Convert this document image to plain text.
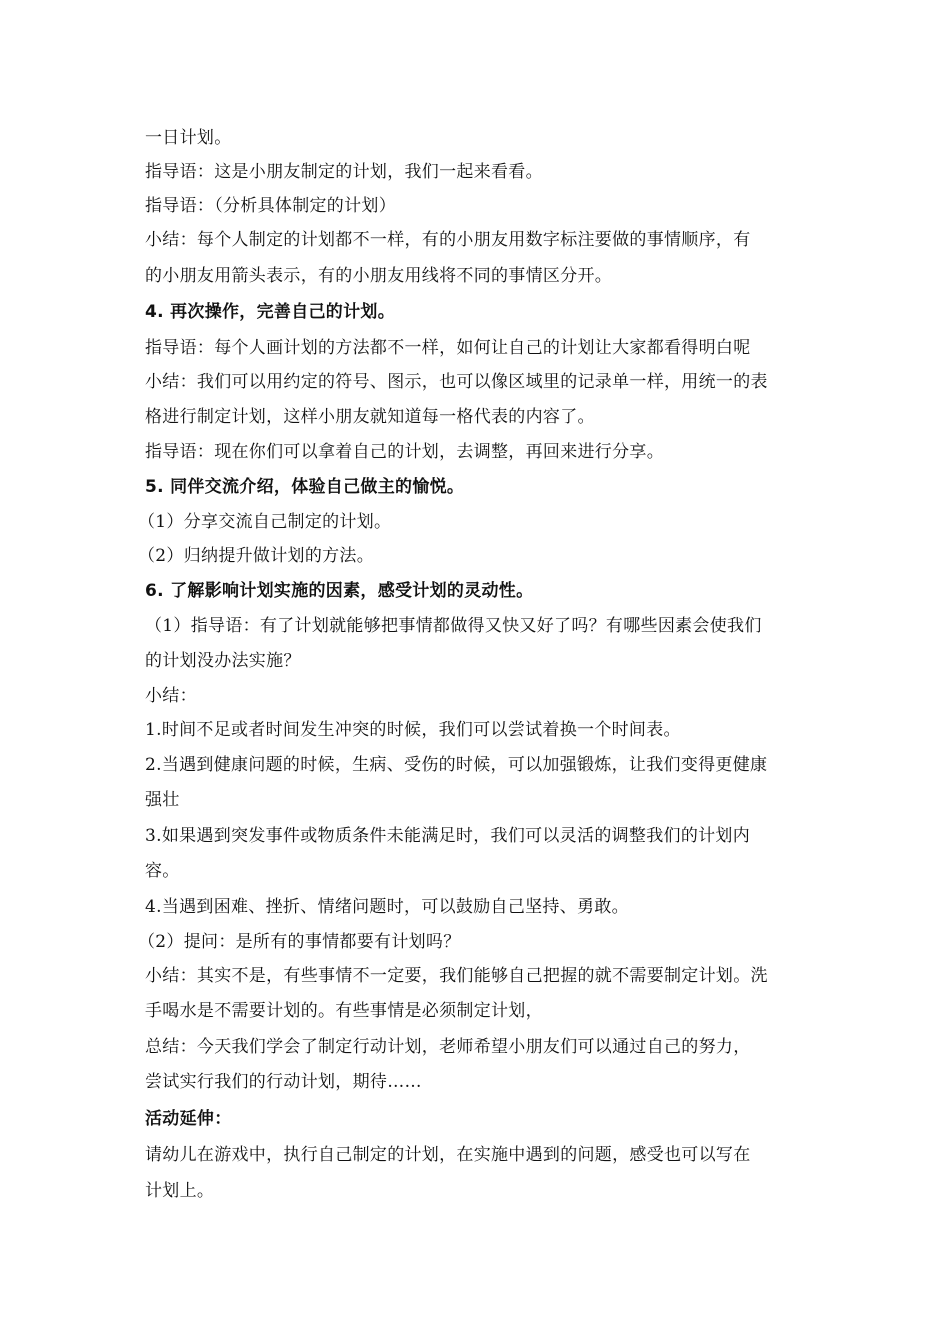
一日计划。
指导语：这是小朋友制定的计划，我们一起来看看。
指导语：（分析具体制定的计划）
小结：每个人制定的计划都不一样，有的小朋友用数字标注要做的事情顺序，有
的小朋友用箭头表示，有的小朋友用线将不同的事情区分开。
4. 再次操作，完善自己的计划。
指导语：每个人画计划的方法都不一样，如何让自己的计划让大家都看得明白呢
小结：我们可以用约定的符号、图示，也可以像区域里的记录单一样，用统一的表
格进行制定计划，这样小朋友就知道每一格代表的内容了。
指导语：现在你们可以拿着自己的计划，去调整，再回来进行分享。
5. 同伴交流介绍，体验自己做主的愉悦。
（1）分享交流自己制定的计划。
（2）归纳提升做计划的方法。
6. 了解影响计划实施的因素，感受计划的灵动性。
（1）指导语：有了计划就能够把事情都做得又快又好了吗？有哪些因素会使我们
的计划没办法实施？
小结：
1.时间不足或者时间发生冲突的时候，我们可以尝试着换一个时间表。
2.当遇到健康问题的时候，生病、受伤的时候，可以加强锻炼，让我们变得更健康
强壮
3.如果遇到突发事件或物质条件未能满足时，我们可以灵活的调整我们的计划内
容。
4.当遇到困难、挫折、情绪问题时，可以鼓励自己坚持、勇敢。
（2）提问：是所有的事情都要有计划吗？
小结：其实不是，有些事情不一定要，我们能够自己把握的就不需要制定计划。洗
手喝水是不需要计划的。有些事情是必须制定计划，
总结：今天我们学会了制定行动计划，老师希望小朋友们可以通过自己的努力，
尝试实行我们的行动计划，期待……
活动延伸：
请幼儿在游戏中，执行自己制定的计划，在实施中遇到的问题，感受也可以写在
计划上。
